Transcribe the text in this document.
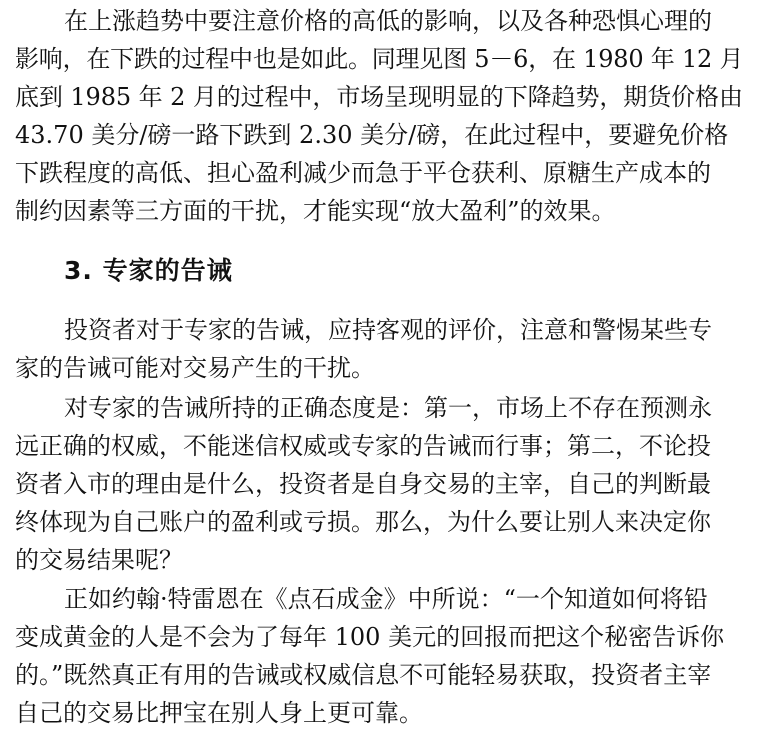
在上涨趋势中要注意价格的高低的影响，以及各种恐惧心理的
影响，在下跌的过程中也是如此。同理见图 5－6，在 1980 年 12 月
底到 1985 年 2 月的过程中，市场呈现明显的下降趋势，期货价格由
43.70 美分/磅一路下跌到 2.30 美分/磅，在此过程中，要避免价格
下跌程度的高低、担心盈利减少而急于平仓获利、原糖生产成本的
制约因素等三方面的干扰，才能实现“放大盈利”的效果。
3. 专家的告诫
投资者对于专家的告诫，应持客观的评价，注意和警惕某些专
家的告诫可能对交易产生的干扰。
对专家的告诫所持的正确态度是：第一，市场上不存在预测永
远正确的权威，不能迷信权威或专家的告诫而行事；第二，不论投
资者入市的理由是什么，投资者是自身交易的主宰，自己的判断最
终体现为自己账户的盈利或亏损。那么，为什么要让别人来决定你
的交易结果呢？
正如约翰·特雷恩在《点石成金》中所说：“一个知道如何将铅
变成黄金的人是不会为了每年 100 美元的回报而把这个秘密告诉你
的。”既然真正有用的告诫或权威信息不可能轻易获取，投资者主宰
自己的交易比押宝在别人身上更可靠。
